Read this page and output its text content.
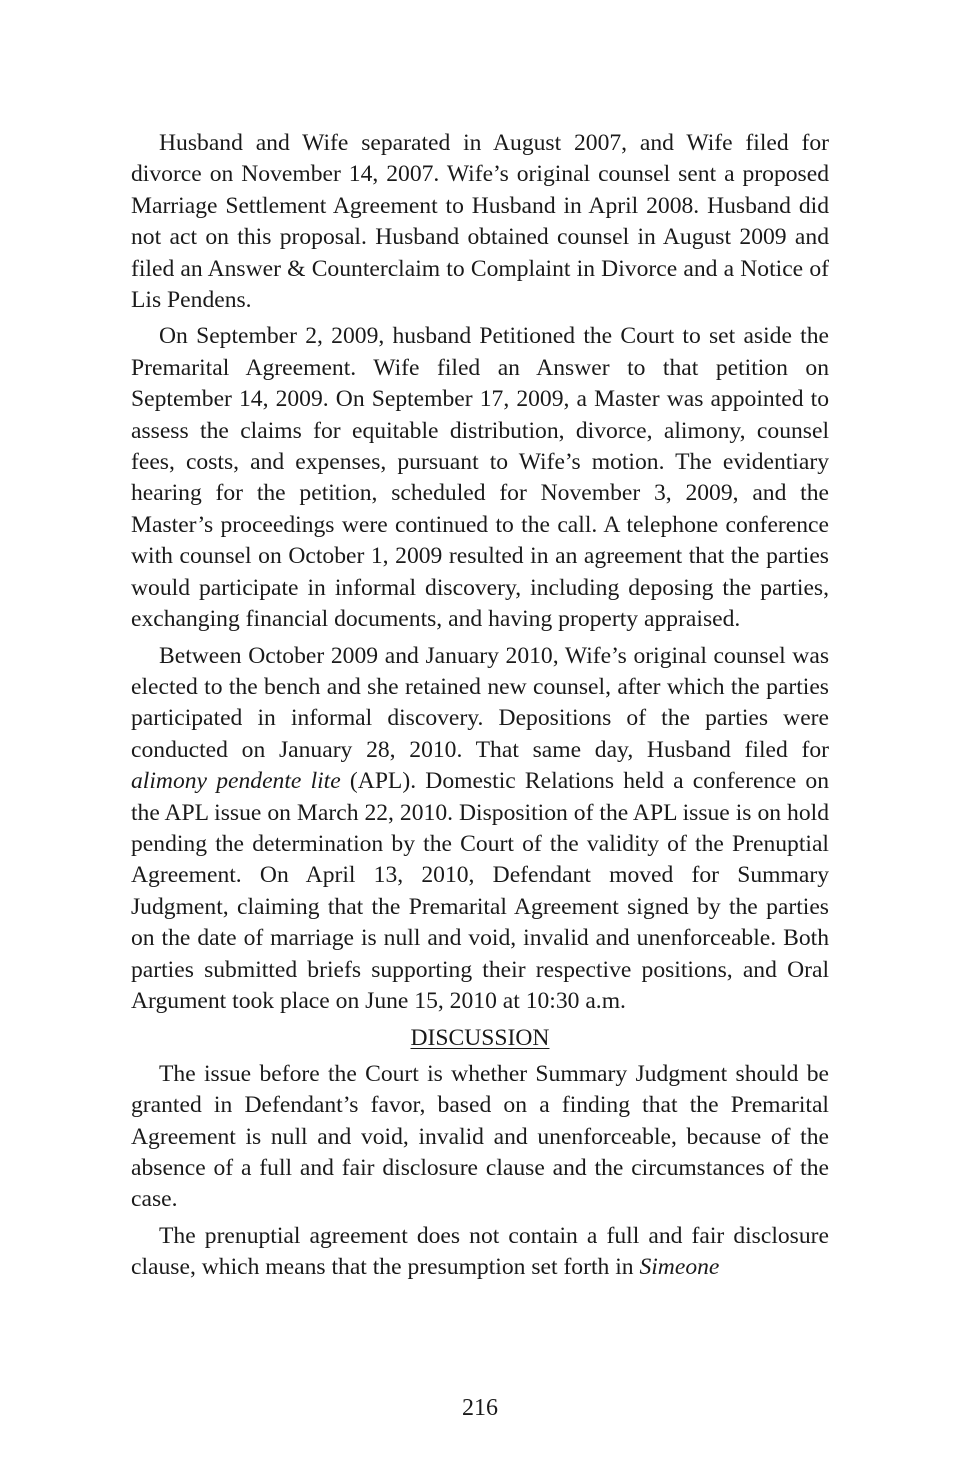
Husband and Wife separated in August 2007, and Wife filed for divorce on November 14, 2007. Wife’s original counsel sent a proposed Marriage Settlement Agreement to Husband in April 2008. Husband did not act on this proposal. Husband obtained counsel in August 2009 and filed an Answer & Counterclaim to Complaint in Divorce and a Notice of Lis Pendens.

On September 2, 2009, husband Petitioned the Court to set aside the Premarital Agreement. Wife filed an Answer to that petition on September 14, 2009. On September 17, 2009, a Master was appointed to assess the claims for equitable distribution, divorce, alimony, counsel fees, costs, and expenses, pursuant to Wife’s motion. The evidentiary hearing for the petition, scheduled for November 3, 2009, and the Master’s proceedings were continued to the call. A telephone conference with counsel on October 1, 2009 resulted in an agreement that the parties would participate in informal discovery, including deposing the parties, exchanging financial documents, and having property appraised.

Between October 2009 and January 2010, Wife’s original counsel was elected to the bench and she retained new counsel, after which the parties participated in informal discovery. Depositions of the parties were conducted on January 28, 2010. That same day, Husband filed for alimony pendente lite (APL). Domestic Relations held a conference on the APL issue on March 22, 2010. Disposition of the APL issue is on hold pending the determination by the Court of the validity of the Prenuptial Agreement. On April 13, 2010, Defendant moved for Summary Judgment, claiming that the Premarital Agreement signed by the parties on the date of marriage is null and void, invalid and unenforceable. Both parties submitted briefs supporting their respective positions, and Oral Argument took place on June 15, 2010 at 10:30 a.m.

DISCUSSION

The issue before the Court is whether Summary Judgment should be granted in Defendant’s favor, based on a finding that the Premarital Agreement is null and void, invalid and unenforceable, because of the absence of a full and fair disclosure clause and the circumstances of the case.

The prenuptial agreement does not contain a full and fair disclosure clause, which means that the presumption set forth in Simeone

216
